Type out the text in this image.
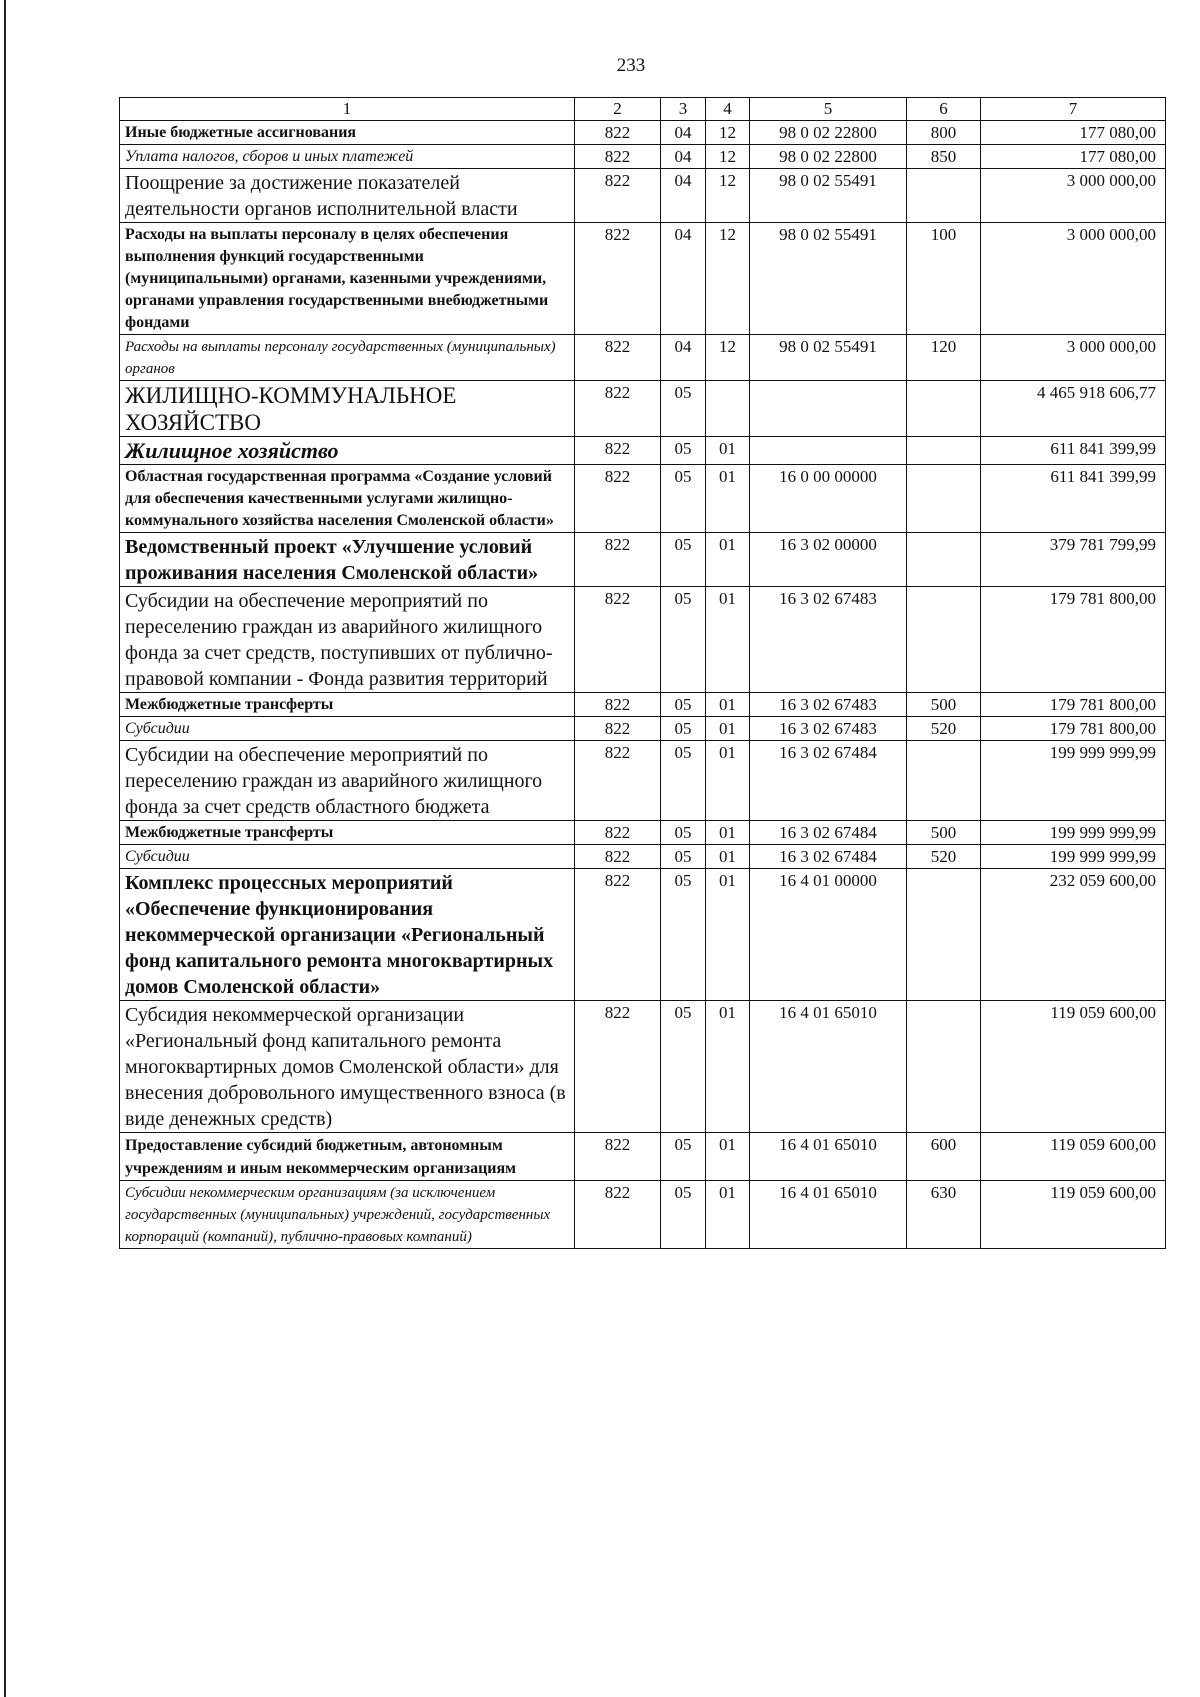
233
1	2	3	4	5	6	7
Иные бюджетные ассигнования	822	04	12	98 0 02 22800	800	177 080,00
Уплата налогов, сборов и иных платежей	822	04	12	98 0 02 22800	850	177 080,00
Поощрение за достижение показателей деятельности органов исполнительной власти	822	04	12	98 0 02 55491		3 000 000,00
Расходы на выплаты персоналу в целях обеспечения выполнения функций государственными (муниципальными) органами, казенными учреждениями, органами управления государственными внебюджетными фондами	822	04	12	98 0 02 55491	100	3 000 000,00
Расходы на выплаты персоналу государственных (муниципальных) органов	822	04	12	98 0 02 55491	120	3 000 000,00
ЖИЛИЩНО-КОММУНАЛЬНОЕ ХОЗЯЙСТВО	822	05				4 465 918 606,77
Жилищное хозяйство	822	05	01			611 841 399,99
Областная государственная программа «Создание условий для обеспечения качественными услугами жилищно-коммунального хозяйства населения Смоленской области»	822	05	01	16 0 00 00000		611 841 399,99
Ведомственный проект «Улучшение условий проживания населения Смоленской области»	822	05	01	16 3 02 00000		379 781 799,99
Субсидии на обеспечение мероприятий по переселению граждан из аварийного жилищного фонда за счет средств, поступивших от публично-правовой компании - Фонда развития территорий	822	05	01	16 3 02 67483		179 781 800,00
Межбюджетные трансферты	822	05	01	16 3 02 67483	500	179 781 800,00
Субсидии	822	05	01	16 3 02 67483	520	179 781 800,00
Субсидии на обеспечение мероприятий по переселению граждан из аварийного жилищного фонда за счет средств областного бюджета	822	05	01	16 3 02 67484		199 999 999,99
Межбюджетные трансферты	822	05	01	16 3 02 67484	500	199 999 999,99
Субсидии	822	05	01	16 3 02 67484	520	199 999 999,99
Комплекс процессных мероприятий «Обеспечение функционирования некоммерческой организации «Региональный фонд капитального ремонта многоквартирных домов Смоленской области»	822	05	01	16 4 01 00000		232 059 600,00
Субсидия некоммерческой организации «Региональный фонд капитального ремонта многоквартирных домов Смоленской области» для внесения добровольного имущественного взноса (в виде денежных средств)	822	05	01	16 4 01 65010		119 059 600,00
Предоставление субсидий бюджетным, автономным учреждениям и иным некоммерческим организациям	822	05	01	16 4 01 65010	600	119 059 600,00
Субсидии некоммерческим организациям (за исключением государственных (муниципальных) учреждений, государственных корпораций (компаний), публично-правовых компаний)	822	05	01	16 4 01 65010	630	119 059 600,00
